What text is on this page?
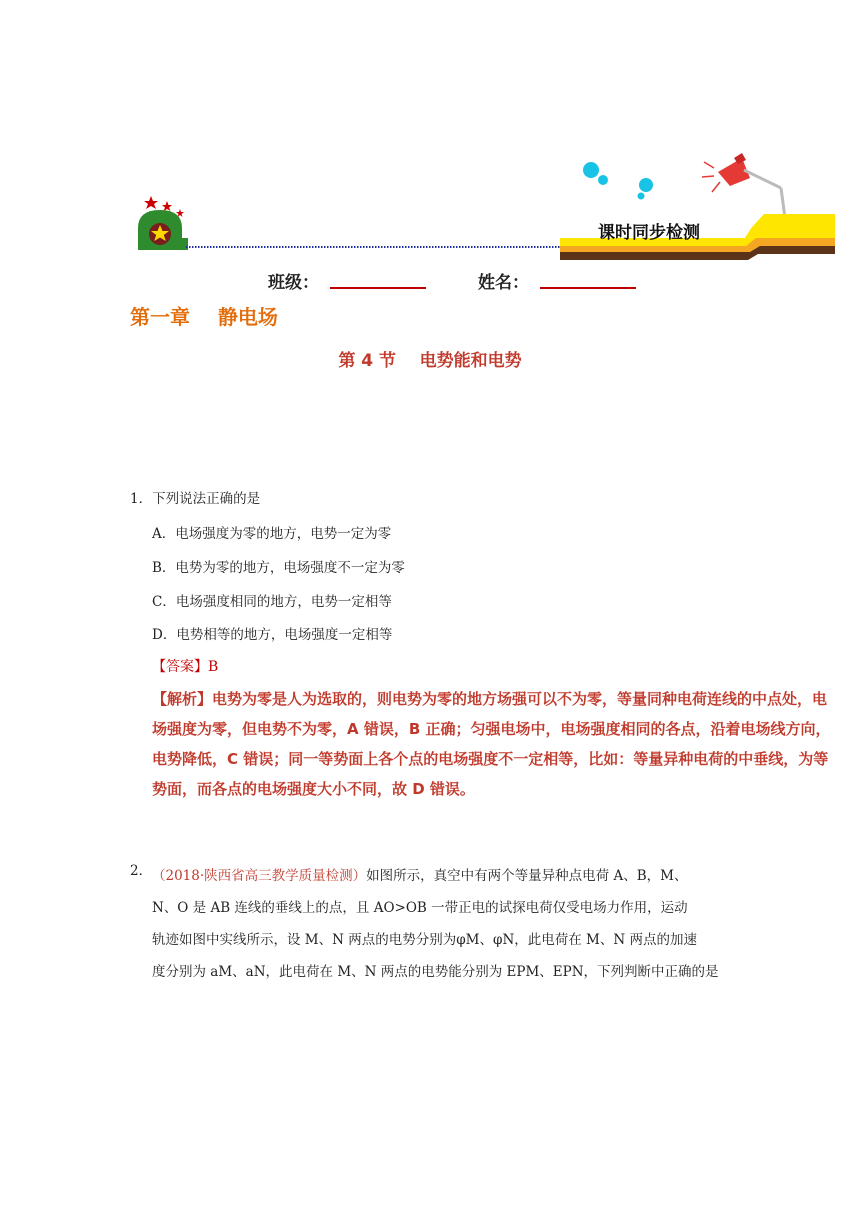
课时同步检测
班级：	姓名：
第一章    静电场
第 4 节    电势能和电势
1．下列说法正确的是
A．电场强度为零的地方，电势一定为零
B．电势为零的地方，电场强度不一定为零
C．电场强度相同的地方，电势一定相等
D．电势相等的地方，电场强度一定相等
【答案】B
【解析】电势为零是人为选取的，则电势为零的地方场强可以不为零，等量同种电荷连线的中点处，电
场强度为零，但电势不为零，A 错误，B 正确；匀强电场中，电场强度相同的各点，沿着电场线方向，
电势降低，C 错误；同一等势面上各个点的电场强度不一定相等，比如：等量异种电荷的中垂线，为等
势面，而各点的电场强度大小不同，故 D 错误。
2． （2018·陕西省高三教学质量检测）如图所示，真空中有两个等量异种点电荷 A、B，M、
N、O 是 AB 连线的垂线上的点，且 AO>OB 一带正电的试探电荷仅受电场力作用，运动
轨迹如图中实线所示，设 M、N 两点的电势分别为φM、φN，此电荷在 M、N 两点的加速
度分别为 aM、aN，此电荷在 M、N 两点的电势能分别为 EPM、EPN，下列判断中正确的是
